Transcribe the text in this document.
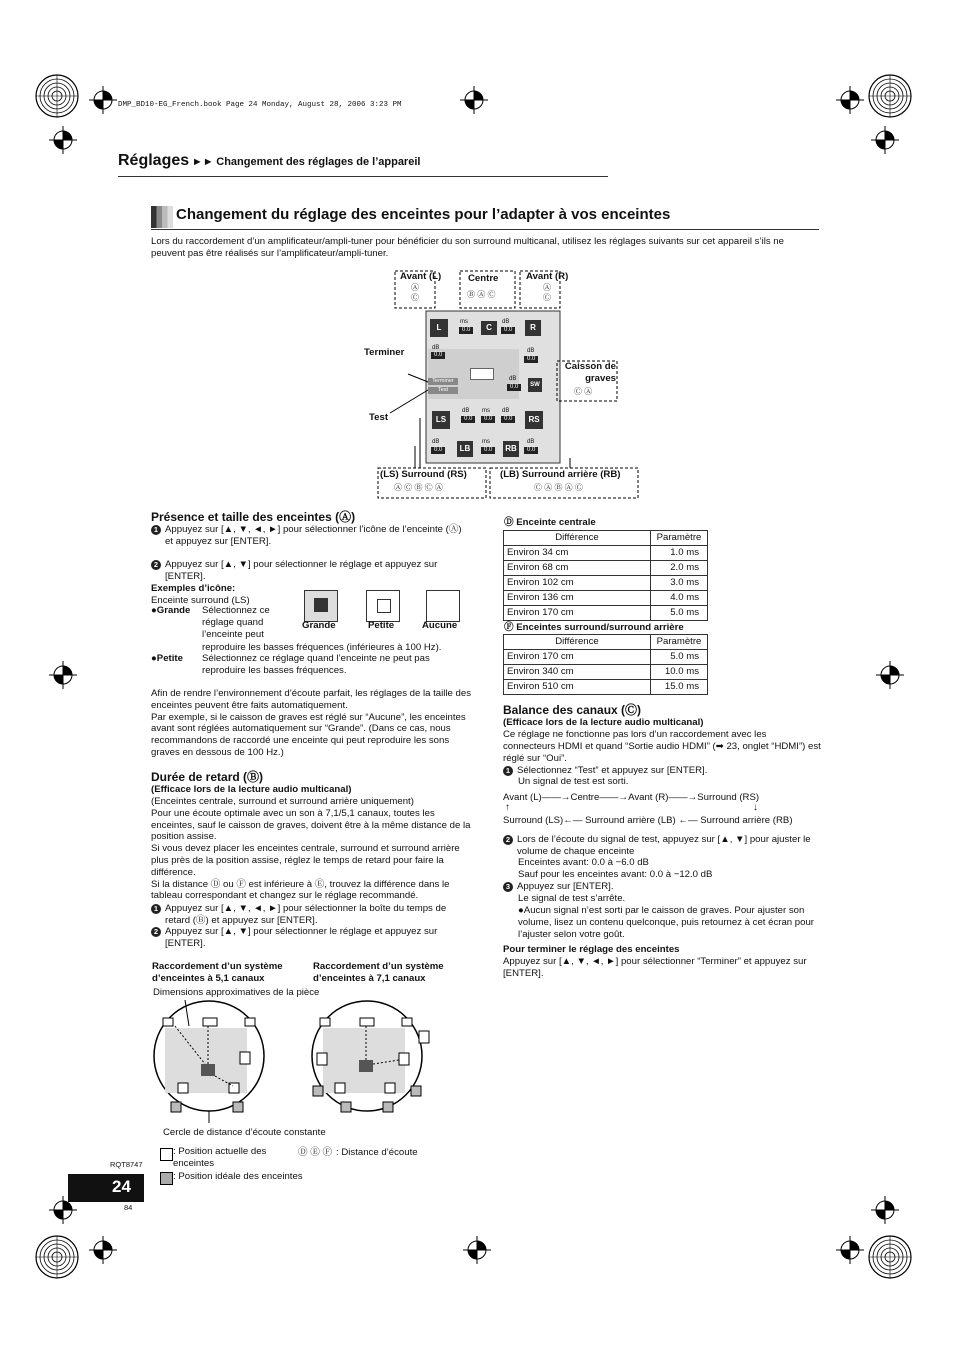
DMP_BD10-EG_French.book Page 24 Monday, August 28, 2006 3:23 PM
Réglages ►► Changement des réglages de l’appareil
Changement du réglage des enceintes pour l’adapter à vos enceintes
Lors du raccordement d’un amplificateur/ampli-tuner pour bénéficier du son surround multicanal, utilisez les réglages suivants sur cet appareil s’ils ne peuvent pas être réalisés sur l’amplificateur/ampli-tuner.
Avant (L)
Ⓐ Ⓒ
Centre
Ⓑ Ⓐ Ⓒ
Avant (R)
Ⓐ Ⓒ
Caisson de graves
Ⓒ Ⓐ
Terminer
Test
(LS) Surround (RS)
Ⓐ Ⓒ Ⓑ Ⓒ Ⓐ
(LB) Surround arrière (RB)
Ⓒ Ⓐ Ⓑ Ⓐ Ⓒ
L
dB
0.0
ms
0.0	C
dB
0.0	R
dB
0.0
Terminer
Test
dB
0.0	SW
LS
dB
0.0
ms
0.0
dB
0.0	RS
dB
0.0	LB
ms
0.0	RB
dB
0.0
Présence et taille des enceintes (Ⓐ)
1 Appuyez sur [▲, ▼, ◄, ►] pour sélectionner l’icône de l’enceinte (Ⓐ) et appuyez sur [ENTER].
2 Appuyez sur [▲, ▼] pour sélectionner le réglage et appuyez sur [ENTER].
Exemples d’icône:
Enceinte surround (LS)
●Grande Sélectionnez ce réglage quand l’enceinte peut
reproduire les basses fréquences (inférieures à 100 Hz).
●Petite Sélectionnez ce réglage quand l’enceinte ne peut pas reproduire les basses fréquences.
Grande	Petite	Aucune
Afin de rendre l’environnement d’écoute parfait, les réglages de la taille des enceintes peuvent être faits automatiquement.
Par exemple, si le caisson de graves est réglé sur “Aucune”, les enceintes avant sont réglées automatiquement sur “Grande”. (Dans ce cas, nous recommandons de raccordé une enceinte qui peut reproduire les sons graves en dessous de 100 Hz.)
Durée de retard (Ⓑ)
(Efficace lors de la lecture audio multicanal)
(Enceintes centrale, surround et surround arrière uniquement)
Pour une écoute optimale avec un son à 7,1/5,1 canaux, toutes les enceintes, sauf le caisson de graves, doivent être à la même distance de la position assise.
Si vous devez placer les enceintes centrale, surround et surround arrière plus près de la position assise, réglez le temps de retard pour faire la différence.
Si la distance Ⓓ ou Ⓕ est inférieure à Ⓔ, trouvez la différence dans le tableau correspondant et changez sur le réglage recommandé.
1 Appuyez sur [▲, ▼, ◄, ►] pour sélectionner la boîte du temps de retard (Ⓑ) et appuyez sur [ENTER].
2 Appuyez sur [▲, ▼] pour sélectionner le réglage et appuyez sur [ENTER].
Raccordement d’un système d’enceintes à 5,1 canaux
Raccordement d’un système d’enceintes à 7,1 canaux
Dimensions approximatives de la pièce
Cercle de distance d’écoute constante
: Position actuelle des enceintes
: Position idéale des enceintes
Ⓓ Ⓔ Ⓕ : Distance d’écoute
Ⓓ Enceinte centrale
Différence	Paramètre
Environ 34 cm	1.0 ms
Environ 68 cm	2.0 ms
Environ 102 cm	3.0 ms
Environ 136 cm	4.0 ms
Environ 170 cm	5.0 ms
Ⓕ Enceintes surround/surround arrière
Différence	Paramètre
Environ 170 cm	5.0 ms
Environ 340 cm	10.0 ms
Environ 510 cm	15.0 ms
Balance des canaux (Ⓒ)
(Efficace lors de la lecture audio multicanal)
Ce réglage ne fonctionne pas lors d’un raccordement avec les connecteurs HDMI et quand “Sortie audio HDMI” (➡ 23, onglet “HDMI”) est réglé sur “Oui”.
1 Sélectionnez “Test” et appuyez sur [ENTER].
Un signal de test est sorti.
Avant (L)——→Centre——→Avant (R)——→Surround (RS)
↑	↓
Surround (LS)←— Surround arrière (LB) ←— Surround arrière (RB)
2 Lors de l’écoute du signal de test, appuyez sur [▲, ▼] pour ajuster le volume de chaque enceinte
Enceintes avant: 0.0 à −6.0 dB
Sauf pour les enceintes avant: 0.0 à −12.0 dB
3 Appuyez sur [ENTER].
Le signal de test s’arrête.
●Aucun signal n’est sorti par le caisson de graves. Pour ajuster son volume, lisez un contenu quelconque, puis retournez à cet écran pour l’ajuster selon votre goût.
Pour terminer le réglage des enceintes
Appuyez sur [▲, ▼, ◄, ►] pour sélectionner “Terminer” et appuyez sur [ENTER].
RQT8747
24
84
